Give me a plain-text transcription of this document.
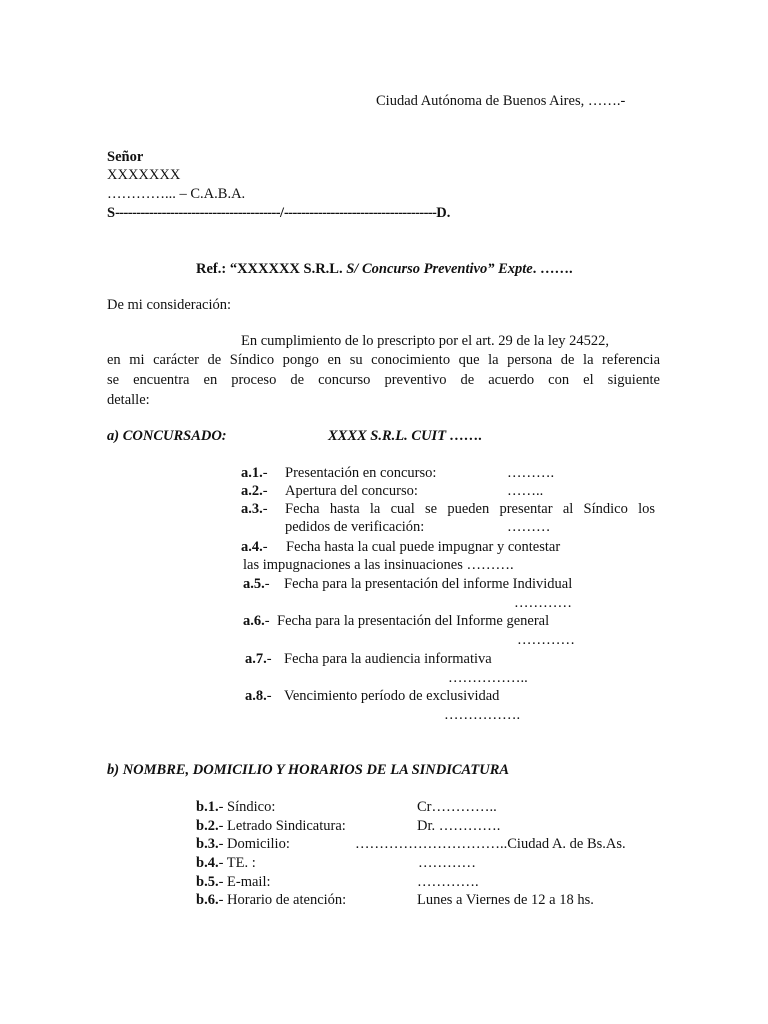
Ciudad Autónoma de Buenos Aires, …….-
Señor
XXXXXXX
…………... – C.A.B.A.
S---------------------------------------/------------------------------------D.
Ref.: “XXXXXX S.R.L. S/ Concurso Preventivo” Expte. …….
De mi consideración:
En cumplimiento de lo prescripto por el art. 29 de la ley 24522,
en mi carácter de Síndico pongo en su conocimiento que la persona de la referencia
se encuentra en proceso de concurso preventivo de acuerdo con el siguiente
detalle:
a) CONCURSADO:	XXXX S.R.L. CUIT …….
a.1.- Presentación en concurso:	……….
a.2.- Apertura del concurso:	……..
a.3.- Fecha hasta la cual se pueden presentar al Síndico los
pedidos de verificación:	………
a.4.- Fecha hasta la cual puede impugnar y contestar
las impugnaciones a las insinuaciones ……….
a.5.- Fecha para la presentación del informe Individual
…………
a.6.- Fecha para la presentación del Informe general
…………
a.7.- Fecha para la audiencia informativa
……………..
a.8.- Vencimiento período de exclusividad
…………….
b) NOMBRE, DOMICILIO Y HORARIOS DE LA SINDICATURA
b.1.- Síndico:	Cr…………..
b.2.- Letrado Sindicatura:	Dr. ………….
b.3.- Domicilio:	…………………………..Ciudad A. de Bs.As.
b.4.- TE. :	…………
b.5.- E-mail:	………….
b.6.- Horario de atención:	Lunes a Viernes de 12 a 18 hs.
